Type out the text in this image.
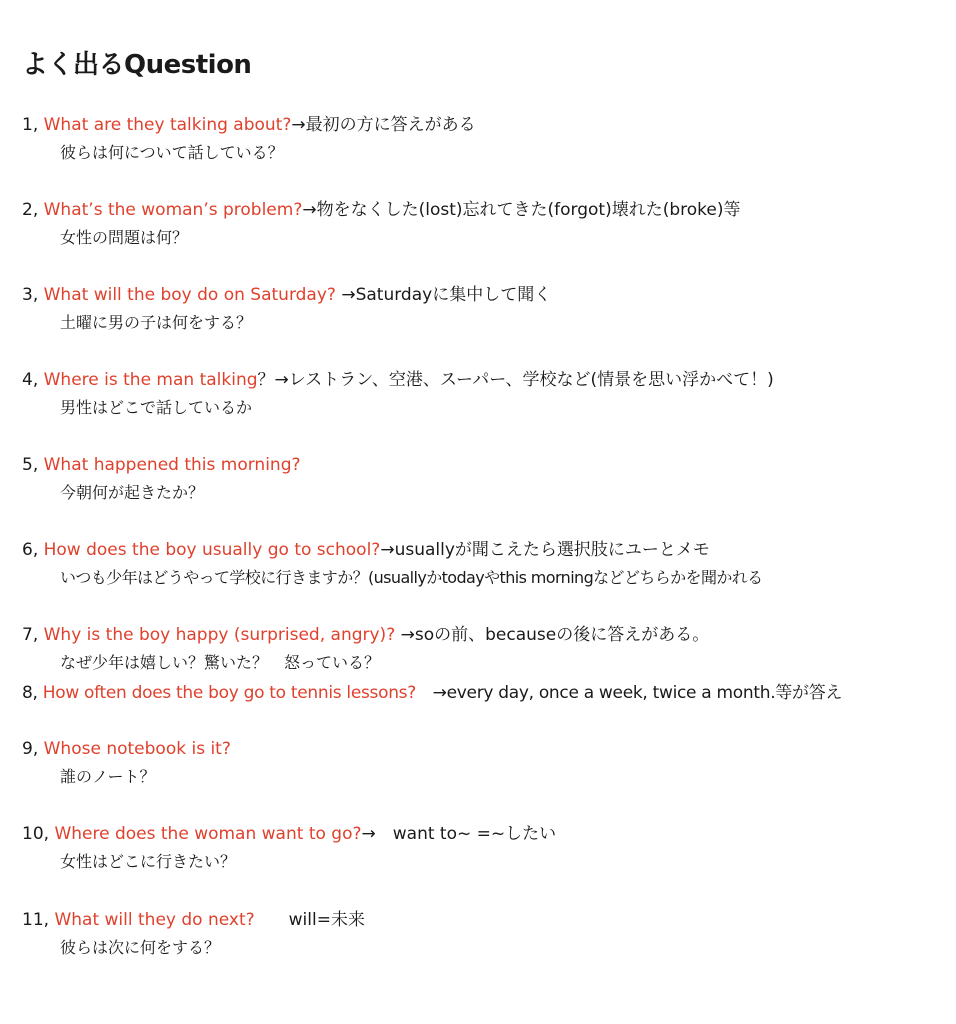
よく出るQuestion
1, What are they talking about?→最初の方に答えがある
彼らは何について話している？
2, What’s the woman’s problem?→物をなくした(lost)忘れてきた(forgot)壊れた(broke)等
女性の問題は何？
3, What will the boy do on Saturday? →Saturdayに集中して聞く
土曜に男の子は何をする？
4, Where is the man talking？→レストラン、空港、スーパー、学校など(情景を思い浮かべて！)
男性はどこで話しているか
5, What happened this morning?
今朝何が起きたか？
6, How does the boy usually go to school?→usuallyが聞こえたら選択肢にユーとメモ
いつも少年はどうやって学校に行きますか？(usuallyかtodayやthis morningなどどちらかを聞かれる
7, Why is the boy happy (surprised, angry)? →soの前、becauseの後に答えがある。
なぜ少年は嬉しい？驚いた？　怒っている？
8, How often does the boy go to tennis lessons?　→every day, once a week, twice a month.等が答え
9, Whose notebook is it?
誰のノート？
10, Where does the woman want to go?→　want to~ =~したい
女性はどこに行きたい？
11, What will they do next?　　will=未来
彼らは次に何をする？
